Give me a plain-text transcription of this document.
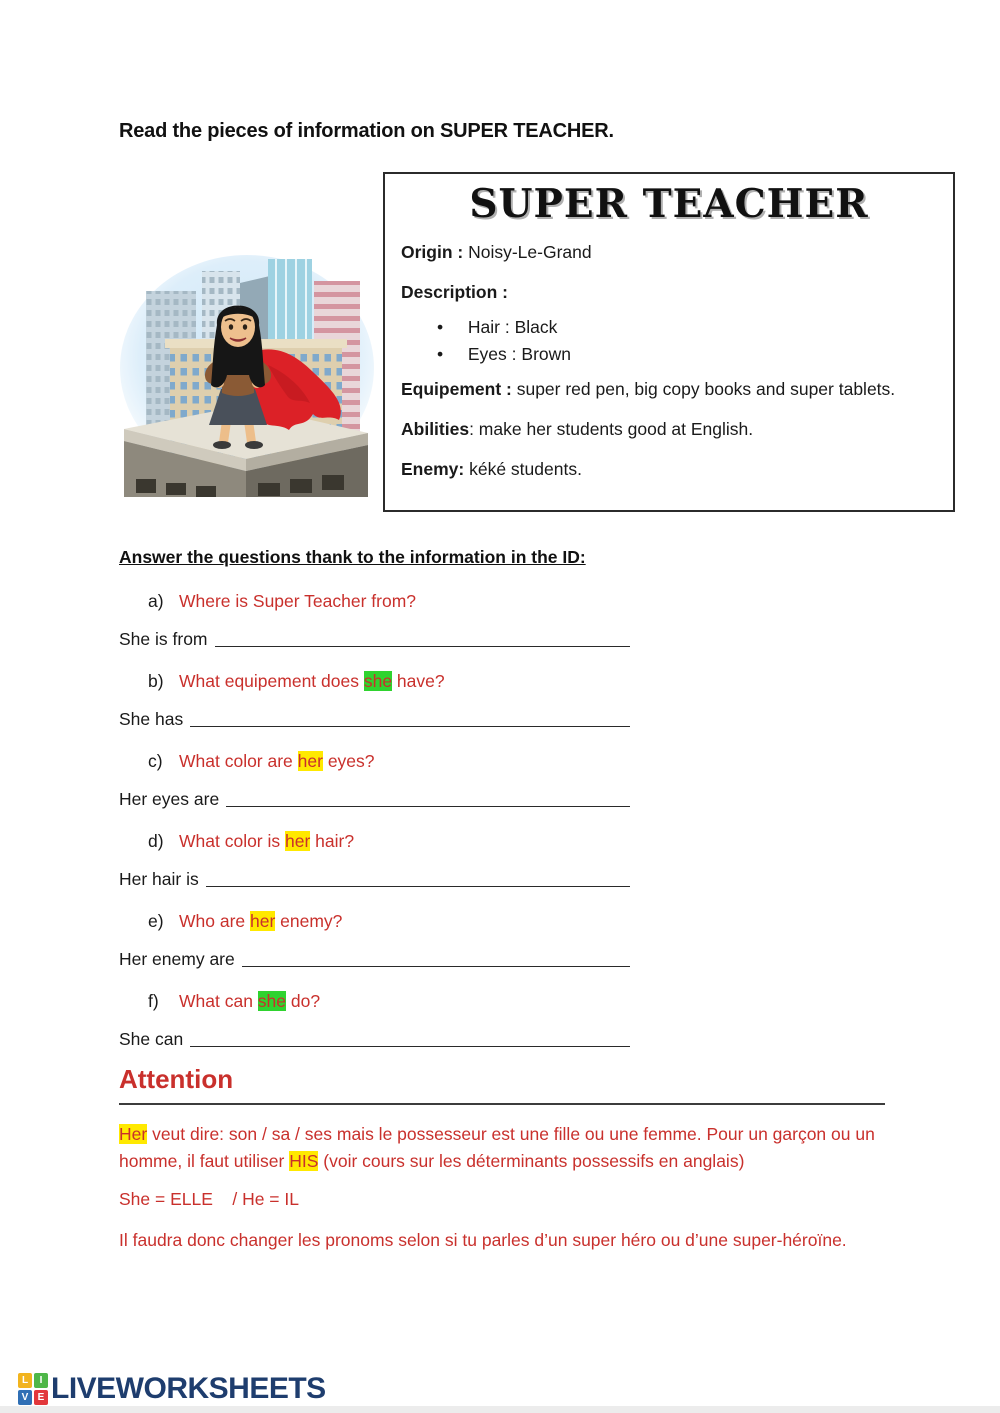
Read the pieces of information on SUPER TEACHER.
SUPER TEACHER
Origin : Noisy-Le-Grand
Description :
• Hair : Black
• Eyes : Brown
Equipement : super red pen, big copy books and super tablets.
Abilities: make her students good at English.
Enemy: kéké students.
Answer the questions thank to the information in the ID:
a) Where is Super Teacher from?
She is from
b) What equipement does she have?
She has
c) What color are her eyes?
Her eyes are
d) What color is her hair?
Her hair is
e) Who are her enemy?
Her enemy are
f) What can she do?
She can
Attention
Her veut dire: son / sa / ses mais le possesseur est une fille ou une femme. Pour un garçon ou un homme, il faut utiliser HIS (voir cours sur les déterminants possessifs en anglais)
She = ELLE    / He = IL
Il faudra donc changer les pronoms selon si tu parles d’un super héro ou d’une super-héroïne.
L	I
V E LIVEWORKSHEETS
